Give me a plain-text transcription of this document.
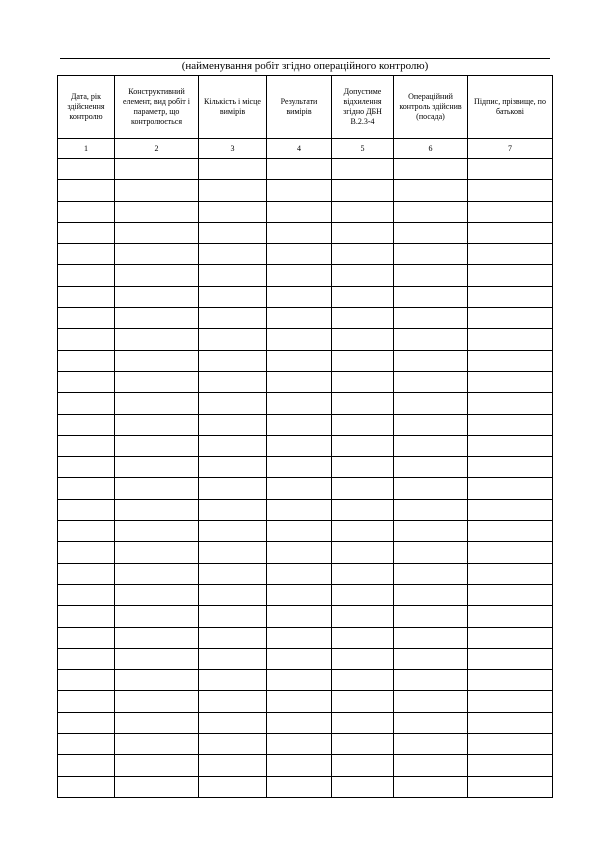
(найменування робіт згідно операційного контролю)
Дата, рік здійснення контролю	Конструктивний елемент, вид робіт і параметр, що контролюється	Кількість і місце вимірів	Результати вимірів	Допустиме відхилення згідно ДБН В.2.3-4	Операційний контроль здійснив (посада)	Підпис, прізвище, по батькові
1	2	3	4	5	6	7
